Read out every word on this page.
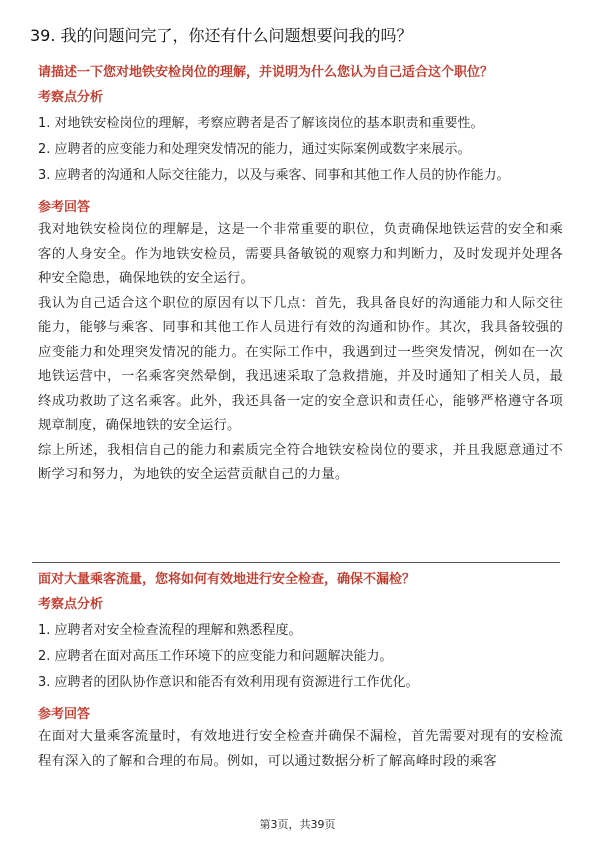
39. 我的问题问完了，你还有什么问题想要问我的吗？
请描述一下您对地铁安检岗位的理解，并说明为什么您认为自己适合这个职位？
考察点分析
1. 对地铁安检岗位的理解，考察应聘者是否了解该岗位的基本职责和重要性。
2. 应聘者的应变能力和处理突发情况的能力，通过实际案例或数字来展示。
3. 应聘者的沟通和人际交往能力，以及与乘客、同事和其他工作人员的协作能力。
参考回答

我对地铁安检岗位的理解是，这是一个非常重要的职位，负责确保地铁运营的安全和乘客的人身安全。作为地铁安检员，需要具备敏锐的观察力和判断力，及时发现并处理各种安全隐患，确保地铁的安全运行。

我认为自己适合这个职位的原因有以下几点：首先，我具备良好的沟通能力和人际交往能力，能够与乘客、同事和其他工作人员进行有效的沟通和协作。其次，我具备较强的应变能力和处理突发情况的能力。在实际工作中，我遇到过一些突发情况，例如在一次地铁运营中，一名乘客突然晕倒，我迅速采取了急救措施，并及时通知了相关人员，最终成功救助了这名乘客。此外，我还具备一定的安全意识和责任心，能够严格遵守各项规章制度，确保地铁的安全运行。

综上所述，我相信自己的能力和素质完全符合地铁安检岗位的要求，并且我愿意通过不断学习和努力，为地铁的安全运营贡献自己的力量。

面对大量乘客流量，您将如何有效地进行安全检查，确保不漏检？
考察点分析
1. 应聘者对安全检查流程的理解和熟悉程度。
2. 应聘者在面对高压工作环境下的应变能力和问题解决能力。
3. 应聘者的团队协作意识和能否有效利用现有资源进行工作优化。
参考回答

在面对大量乘客流量时，有效地进行安全检查并确保不漏检，首先需要对现有的安检流程有深入的了解和合理的布局。例如，可以通过数据分析了解高峰时段的乘客

第3页，共39页
